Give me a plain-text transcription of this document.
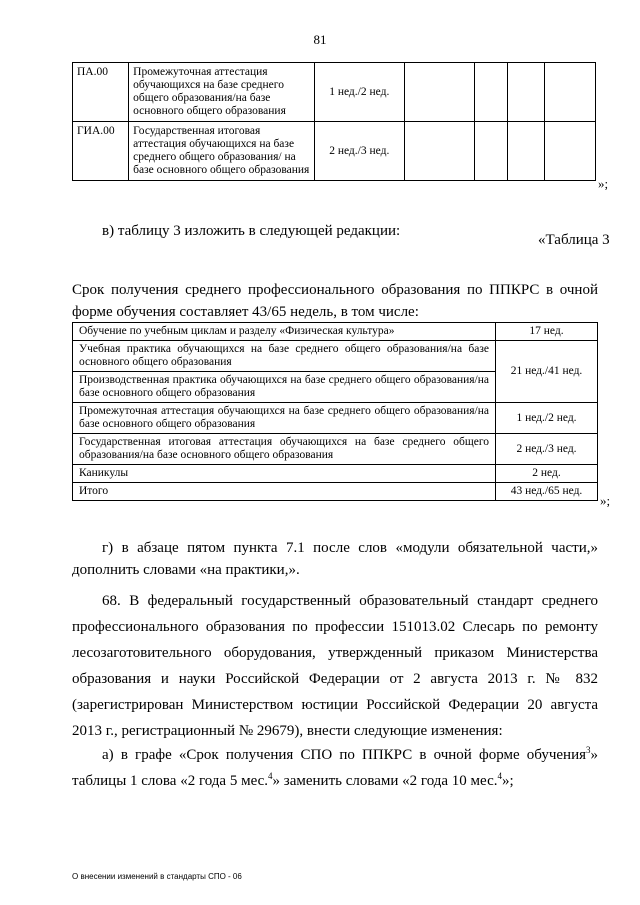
81
ПА.00	Промежуточная аттестация обучающихся на базе среднего общего образования/на базе основного общего образования	1 нед./2 нед.				
ГИА.00	Государственная итоговая аттестация обучающихся на базе среднего общего образования/ на базе основного общего образования	2 нед./3 нед.				
»;
в) таблицу 3 изложить в следующей редакции:
«Таблица 3
Срок получения среднего профессионального образования по ППКРС в очной форме обучения составляет 43/65 недель, в том числе:
Обучение по учебным циклам и разделу «Физическая культура»	17 нед.
Учебная практика обучающихся на базе среднего общего образования/на базе основного общего образования	21 нед./41 нед.
Производственная практика обучающихся на базе среднего общего образования/на базе основного общего образования	
Промежуточная аттестация обучающихся на базе среднего общего образования/на базе основного общего образования	1 нед./2 нед.
Государственная итоговая аттестация обучающихся на базе среднего общего образования/на базе основного общего образования	2 нед./3 нед.
Каникулы	2 нед.
Итого	43 нед./65 нед.
»;
г) в абзаце пятом пункта 7.1 после слов «модули обязательной части,» дополнить словами «на практики,».
68. В федеральный государственный образовательный стандарт среднего профессионального образования по профессии 151013.02 Слесарь по ремонту лесозаготовительного оборудования, утвержденный приказом Министерства образования и науки Российской Федерации от 2 августа 2013 г. № 832 (зарегистрирован Министерством юстиции Российской Федерации 20 августа 2013 г., регистрационный № 29679), внести следующие изменения:
а) в графе «Срок получения СПО по ППКРС в очной форме обучения$^3$» таблицы 1 слова «2 года 5 мес.$^4$» заменить словами «2 года 10 мес.$^4$»;
О внесении изменений в стандарты СПО - 06
